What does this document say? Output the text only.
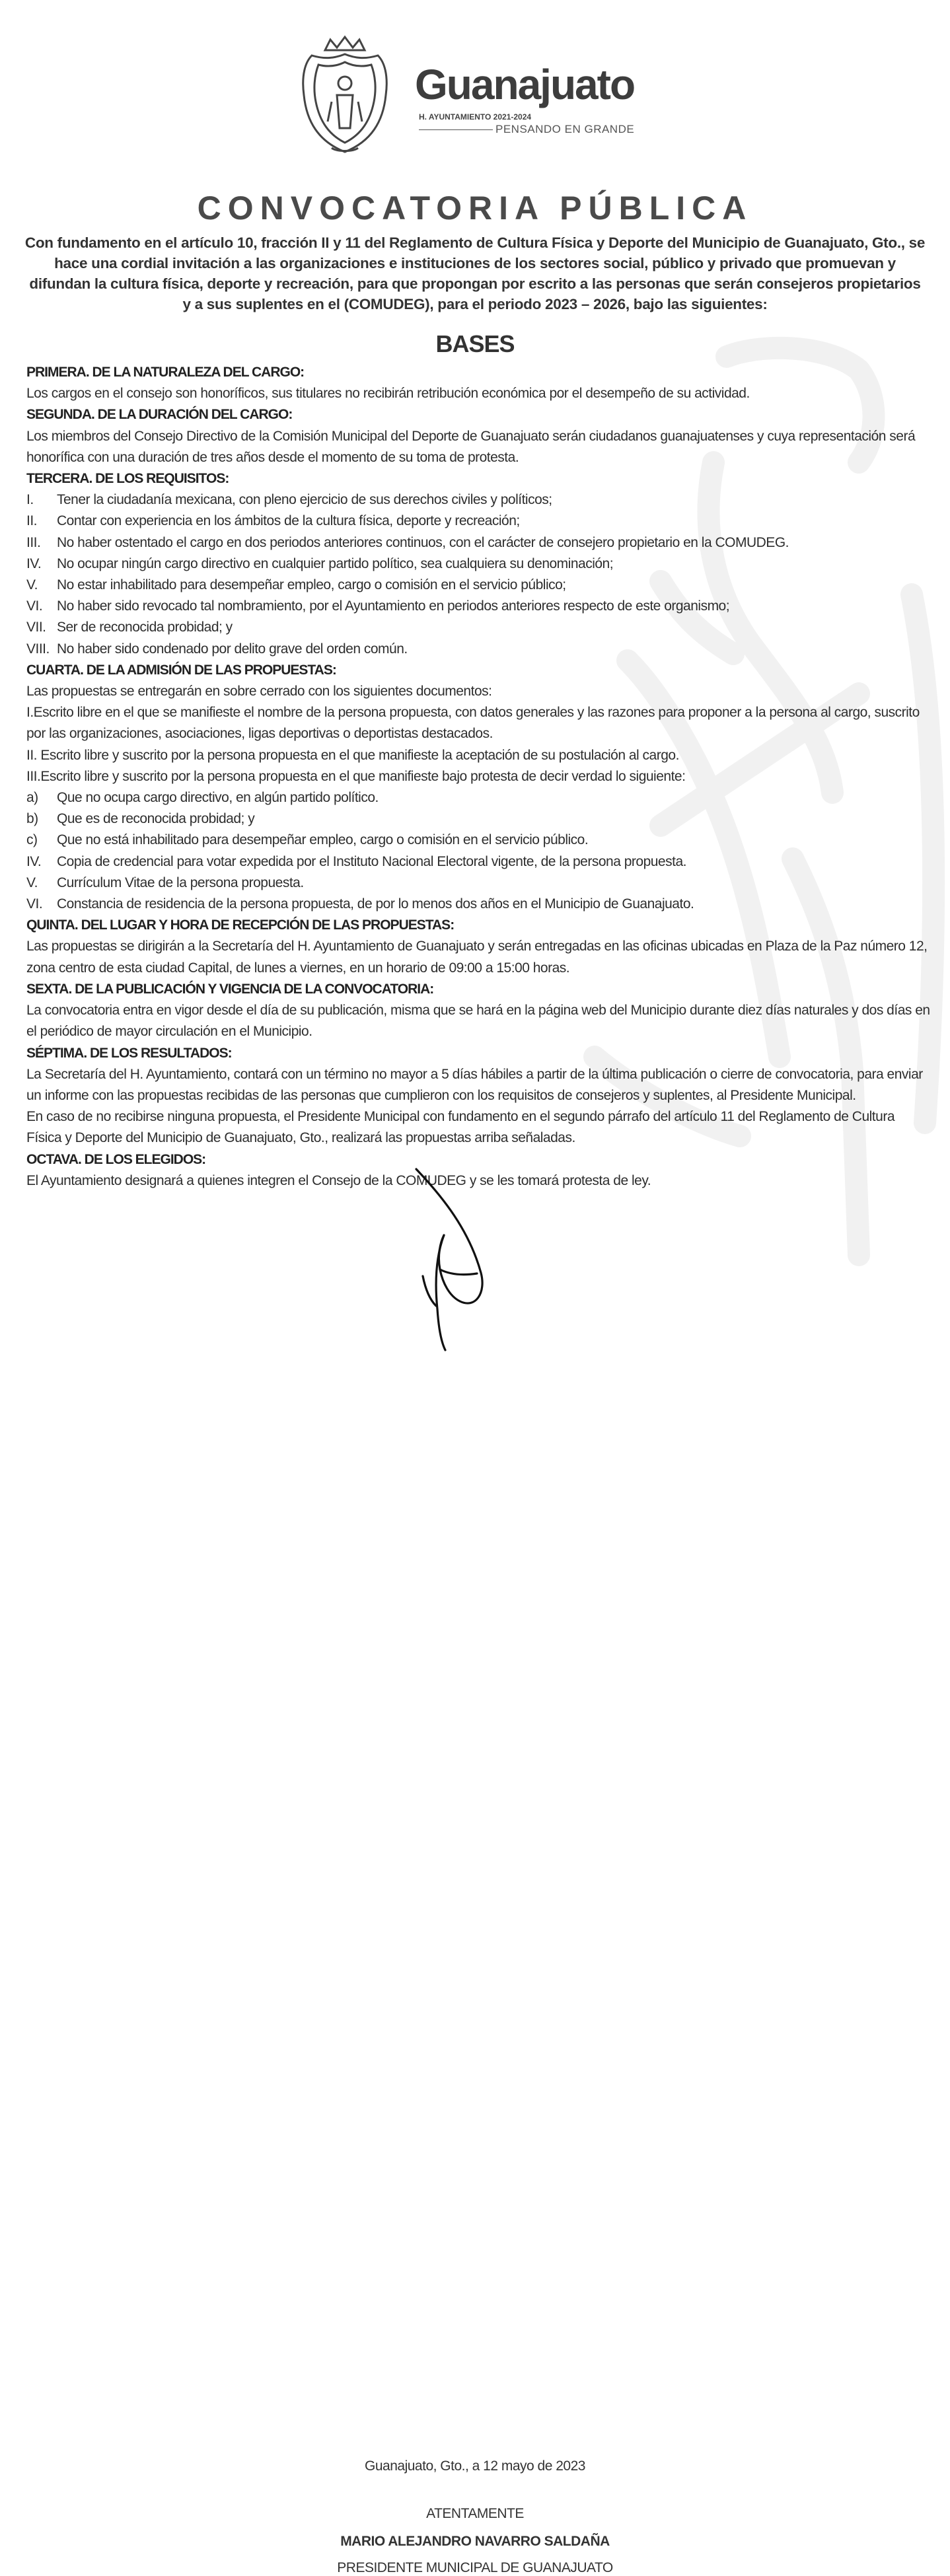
Guanajuato
H. AYUNTAMIENTO 2021-2024
PENSANDO EN GRANDE
CONVOCATORIA PÚBLICA
Con fundamento en el artículo 10, fracción II y 11 del Reglamento de Cultura Física y Deporte del Municipio de Guanajuato, Gto., se hace una cordial invitación a las organizaciones e instituciones de los sectores social, público y privado que promuevan y difundan la cultura física, deporte y recreación, para que propongan por escrito a las personas que serán consejeros propietarios y a sus suplentes en el (COMUDEG), para el periodo 2023 – 2026, bajo las siguientes:
BASES
PRIMERA. DE LA NATURALEZA DEL CARGO:
Los cargos en el consejo son honoríficos, sus titulares no recibirán retribución económica por el desempeño de su actividad.
SEGUNDA. DE LA DURACIÓN DEL CARGO:
Los miembros del Consejo Directivo de la Comisión Municipal del Deporte de Guanajuato serán ciudadanos guanajuatenses y cuya representación será honorífica con una duración de tres años desde el momento de su toma de protesta.
TERCERA. DE LOS REQUISITOS:
I.	Tener la ciudadanía mexicana, con pleno ejercicio de sus derechos civiles y políticos;
II.	Contar con experiencia en los ámbitos de la cultura física, deporte y recreación;
III.	No haber ostentado el cargo en dos periodos anteriores continuos, con el carácter de consejero propietario en la COMUDEG.
IV.	No ocupar ningún cargo directivo en cualquier partido político, sea cualquiera su denominación;
V.	No estar inhabilitado para desempeñar empleo, cargo o comisión en el servicio público;
VI.	No haber sido revocado tal nombramiento, por el Ayuntamiento en periodos anteriores respecto de este organismo;
VII. Ser de reconocida probidad; y
VIII. No haber sido condenado por delito grave del orden común.
CUARTA. DE LA ADMISIÓN DE LAS PROPUESTAS:
Las propuestas se entregarán en sobre cerrado con los siguientes documentos:
I.Escrito libre en el que se manifieste el nombre de la persona propuesta, con datos generales y las razones para proponer a la persona al cargo, suscrito por las organizaciones, asociaciones, ligas deportivas o deportistas destacados.
II. Escrito libre y suscrito por la persona propuesta en el que manifieste la aceptación de su postulación al cargo.
III.Escrito libre y suscrito por la persona propuesta en el que manifieste bajo protesta de decir verdad lo siguiente:
a)	Que no ocupa cargo directivo, en algún partido político.
b)	Que es de reconocida probidad; y
c)	Que no está inhabilitado para desempeñar empleo, cargo o comisión en el servicio público.
IV.	Copia de credencial para votar expedida por el Instituto Nacional Electoral vigente, de la persona propuesta.
V.	Currículum Vitae de la persona propuesta.
VI.	Constancia de residencia de la persona propuesta, de por lo menos dos años en el Municipio de Guanajuato.
QUINTA. DEL LUGAR Y HORA DE RECEPCIÓN DE LAS PROPUESTAS:
Las propuestas se dirigirán a la Secretaría del H. Ayuntamiento de Guanajuato y serán entregadas en las oficinas ubicadas en Plaza de la Paz número 12, zona centro de esta ciudad Capital, de lunes a viernes, en un horario de 09:00 a 15:00 horas.
SEXTA. DE LA PUBLICACIÓN Y VIGENCIA DE LA CONVOCATORIA:
La convocatoria entra en vigor desde el día de su publicación, misma que se hará en la página web del Municipio durante diez días naturales y dos días en el periódico de mayor circulación en el Municipio.
SÉPTIMA. DE LOS RESULTADOS:
La Secretaría del H. Ayuntamiento, contará con un término no mayor a 5 días hábiles a partir de la última publicación o cierre de convocatoria, para enviar un informe con las propuestas recibidas de las personas que cumplieron con los requisitos de consejeros y suplentes, al Presidente Municipal.
En caso de no recibirse ninguna propuesta, el Presidente Municipal con fundamento en el segundo párrafo del artículo 11 del Reglamento de Cultura Física y Deporte del Municipio de Guanajuato, Gto., realizará las propuestas arriba señaladas.
OCTAVA. DE LOS ELEGIDOS:
El Ayuntamiento designará a quienes integren el Consejo de la COMUDEG y se les tomará protesta de ley.
Guanajuato, Gto., a 12 mayo de 2023
ATENTAMENTE
MARIO ALEJANDRO NAVARRO SALDAÑA
PRESIDENTE MUNICIPAL DE GUANAJUATO
